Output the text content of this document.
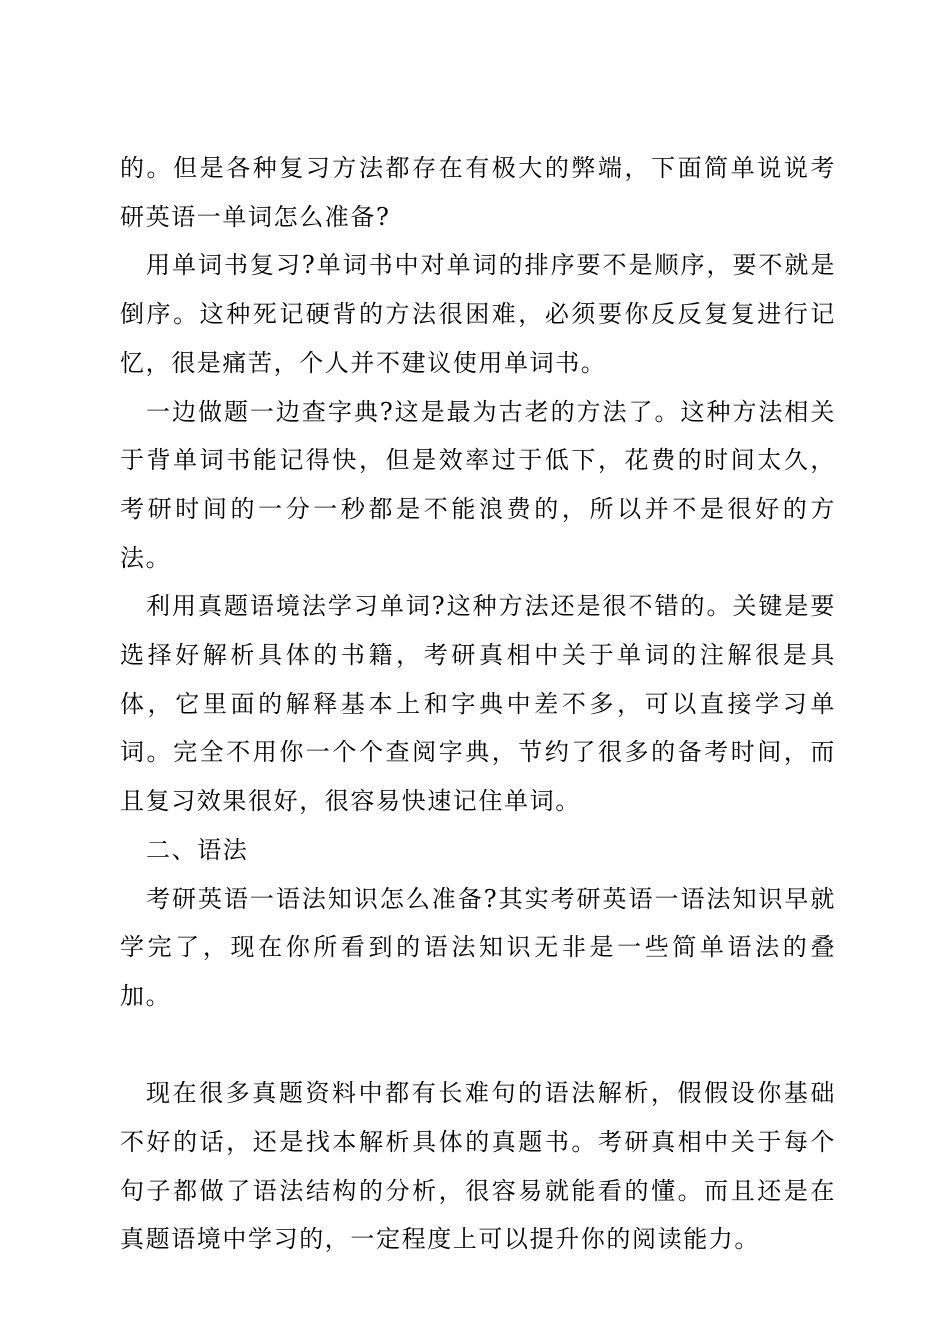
的。但是各种复习方法都存在有极大的弊端，下面简单说说考研英语一单词怎么准备?

用单词书复习?单词书中对单词的排序要不是顺序，要不就是倒序。这种死记硬背的方法很困难，必须要你反反复复进行记忆，很是痛苦，个人并不建议使用单词书。

一边做题一边查字典?这是最为古老的方法了。这种方法相关于背单词书能记得快，但是效率过于低下，花费的时间太久，考研时间的一分一秒都是不能浪费的，所以并不是很好的方法。

利用真题语境法学习单词?这种方法还是很不错的。关键是要选择好解析具体的书籍，考研真相中关于单词的注解很是具体，它里面的解释基本上和字典中差不多，可以直接学习单词。完全不用你一个个查阅字典，节约了很多的备考时间，而且复习效果很好，很容易快速记住单词。

二、语法

考研英语一语法知识怎么准备?其实考研英语一语法知识早就学完了，现在你所看到的语法知识无非是一些简单语法的叠加。

现在很多真题资料中都有长难句的语法解析，假假设你基础不好的话，还是找本解析具体的真题书。考研真相中关于每个句子都做了语法结构的分析，很容易就能看的懂。而且还是在真题语境中学习的，一定程度上可以提升你的阅读能力。
